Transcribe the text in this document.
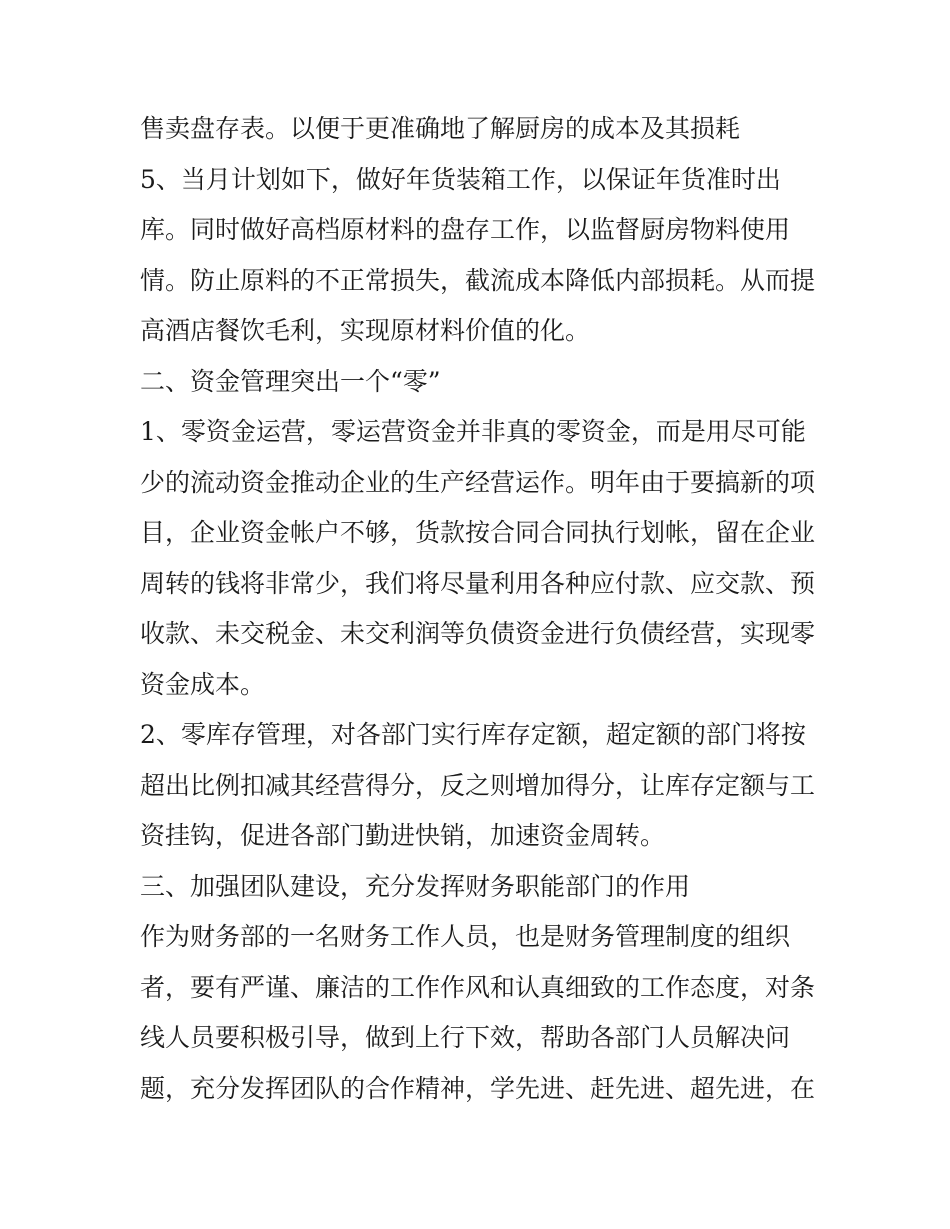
售卖盘存表。以便于更准确地了解厨房的成本及其损耗
5、当月计划如下，做好年货装箱工作，以保证年货准时出
库。同时做好高档原材料的盘存工作，以监督厨房物料使用
情。防止原料的不正常损失，截流成本降低内部损耗。从而提
高酒店餐饮毛利，实现原材料价值的化。
二、资金管理突出一个“零”
1、零资金运营，零运营资金并非真的零资金，而是用尽可能
少的流动资金推动企业的生产经营运作。明年由于要搞新的项
目，企业资金帐户不够，货款按合同合同执行划帐，留在企业
周转的钱将非常少，我们将尽量利用各种应付款、应交款、预
收款、未交税金、未交利润等负债资金进行负债经营，实现零
资金成本。
2、零库存管理，对各部门实行库存定额，超定额的部门将按
超出比例扣减其经营得分，反之则增加得分，让库存定额与工
资挂钩，促进各部门勤进快销，加速资金周转。
三、加强团队建设，充分发挥财务职能部门的作用
作为财务部的一名财务工作人员，也是财务管理制度的组织
者，要有严谨、廉洁的工作作风和认真细致的工作态度，对条
线人员要积极引导，做到上行下效，帮助各部门人员解决问
题，充分发挥团队的合作精神，学先进、赶先进、超先进，在
